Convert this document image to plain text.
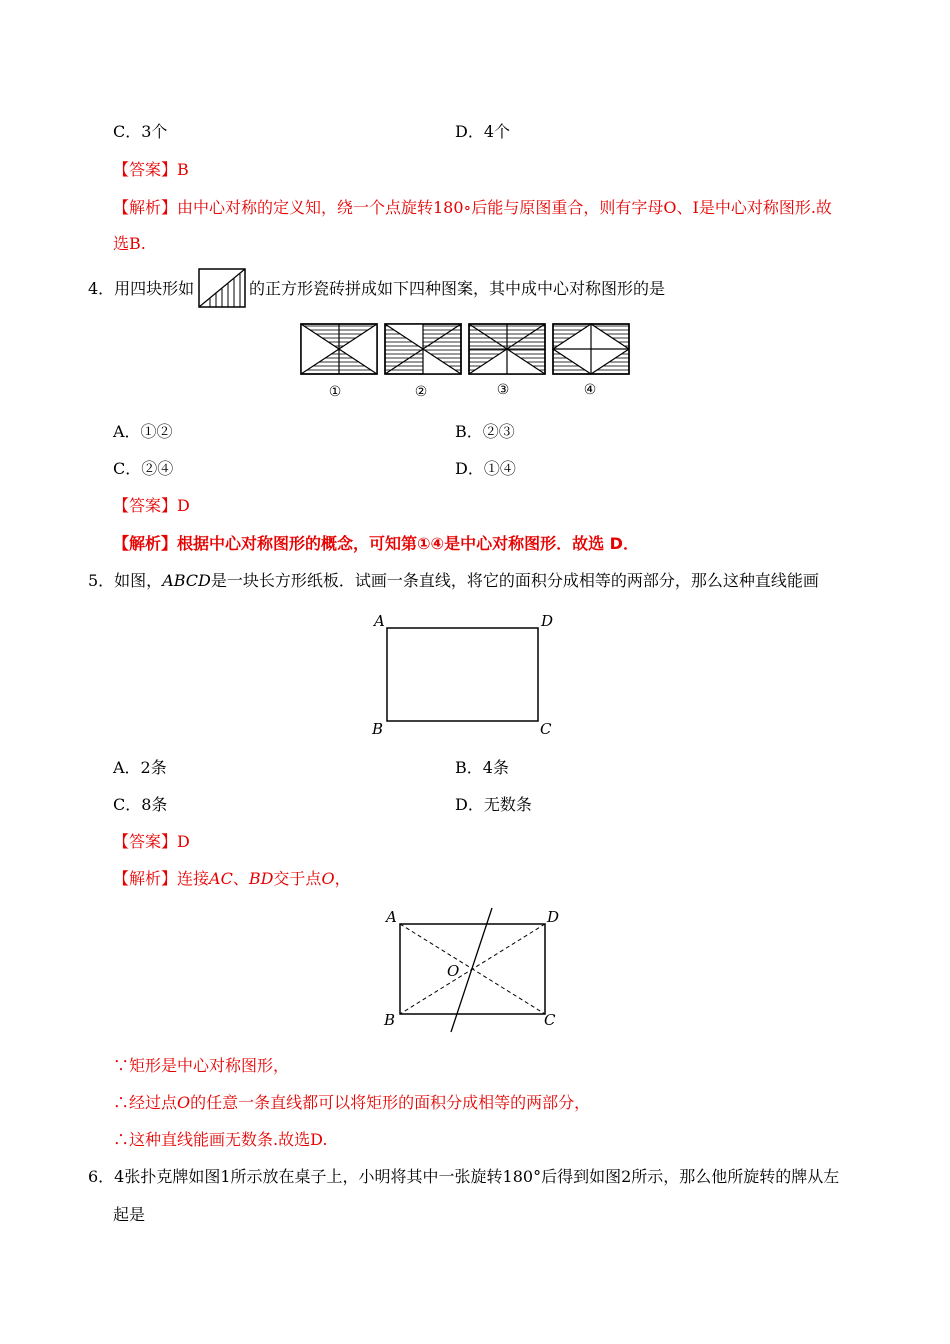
C．3个	D．4个
【答案】B
【解析】由中心对称的定义知，绕一个点旋转180∘后能与原图重合，则有字母O、I是中心对称图形.故
选B.
4．用四块形如	的正方形瓷砖拼成如下四种图案，其中成中心对称图形的是
①	②	③	④
A．①②	B．②③
C．②④	D．①④
【答案】D
【解析】根据中心对称图形的概念，可知第①④是中心对称图形．故选 D．
5．如图，ABCD是一块长方形纸板．试画一条直线，将它的面积分成相等的两部分，那么这种直线能画
A	D
B	C
A．2条	B．4条
C．8条	D．无数条
【答案】D
【解析】连接AC、BD交于点O，
A	D
B	C
O
∵矩形是中心对称图形，
∴经过点O的任意一条直线都可以将矩形的面积分成相等的两部分，
∴这种直线能画无数条.故选D.
6．4张扑克牌如图1所示放在桌子上，小明将其中一张旋转180°后得到如图2所示，那么他所旋转的牌从左
起是
